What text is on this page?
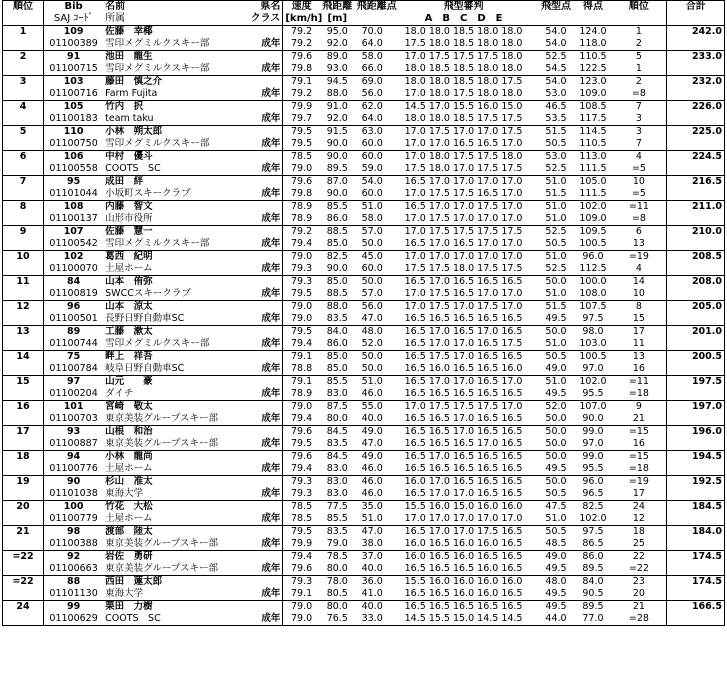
順位	Bib	名前	県名	速度	飛距離	飛距離点	飛型審判	飛型点	得点	順位	合計
	SAJ ｺｰﾄﾞ	所属	クラス	[km/h]	[m]		A　B　C　D　E				
1	109	佐藤　幸椰		79.2	95.0	70.0	18.0 18.0 18.5 18.0 18.0	54.0	124.0	1	242.0
	01100389	雪印メグミルクスキー部	成年	79.2	92.0	64.0	17.5 18.0 18.5 18.0 18.0	54.0	118.0	2	
2	91	池田　龍生		79.6	89.0	58.0	17.0 17.5 17.5 17.5 18.0	52.5	110.5	5	233.0
	01100715	雪印メグミルクスキー部	成年	79.8	93.0	66.0	18.0 18.5 18.5 18.0 18.0	54.5	122.5	1	
3	103	藤田　慎之介		79.1	94.5	69.0	18.0 18.0 18.5 18.0 17.5	54.0	123.0	2	232.0
	01100716	Farm Fujita	成年	79.2	88.0	56.0	17.0 18.0 17.5 18.0 18.0	53.0	109.0	=8	
4	105	竹内　択		79.9	91.0	62.0	14.5 17.0 15.5 16.0 15.0	46.5	108.5	7	226.0
	01100183	team taku	成年	79.7	92.0	64.0	18.0 18.0 18.5 17.5 17.5	53.5	117.5	3	
5	110	小林　朔太郎		79.5	91.5	63.0	17.0 17.5 17.0 17.0 17.5	51.5	114.5	3	225.0
	01100750	雪印メグミルクスキー部	成年	79.5	90.0	60.0	17.0 17.0 16.5 16.5 17.0	50.5	110.5	7	
6	106	中村　優斗		78.5	90.0	60.0	17.0 18.0 17.5 17.5 18.0	53.0	113.0	4	224.5
	01100558	COOTS　SC	成年	79.0	89.5	59.0	17.5 18.0 17.0 17.5 17.5	52.5	111.5	=5	
7	95	成田　絆		79.6	87.0	54.0	16.5 17.0 17.0 17.0 17.0	51.0	105.0	10	216.5
	01101044	小坂町スキークラブ	成年	79.8	90.0	60.0	17.0 17.5 17.5 16.5 17.0	51.5	111.5	=5	
8	108	内藤　智文		78.9	85.5	51.0	16.5 17.0 17.0 17.5 17.0	51.0	102.0	=11	211.0
	01100137	山形市役所	成年	78.9	86.0	58.0	17.0 17.5 17.0 17.0 17.0	51.0	109.0	=8	
9	107	佐藤　慧一		79.2	88.5	57.0	17.0 17.5 17.5 17.5 17.5	52.5	109.5	6	210.0
	01100542	雪印メグミルクスキー部	成年	79.4	85.0	50.0	16.5 17.0 16.5 17.0 17.0	50.5	100.5	13	
10	102	葛西　紀明		79.0	82.5	45.0	17.0 17.0 17.0 17.0 17.0	51.0	96.0	=19	208.5
	01100070	土屋ホーム	成年	79.3	90.0	60.0	17.5 17.5 18.0 17.5 17.5	52.5	112.5	4	
11	84	山本　侑弥		79.3	85.0	50.0	16.5 17.0 16.5 16.5 16.5	50.0	100.0	14	208.0
	01100819	SWCCスキークラブ	成年	79.5	88.5	57.0	17.0 17.5 16.5 17.0 17.0	51.0	108.0	10	
12	96	山本　涼太		79.0	88.0	56.0	17.0 17.5 17.0 17.5 17.0	51.5	107.5	8	205.0
	01100501	長野日野自動車SC	成年	79.0	83.5	47.0	16.5 16.5 16.5 16.5 16.5	49.5	97.5	15	
13	89	工藤　漱太		79.5	84.0	48.0	16.5 17.0 16.5 17.0 16.5	50.0	98.0	17	201.0
	01100744	雪印メグミルクスキー部	成年	79.4	86.0	52.0	16.5 17.0 17.0 16.5 17.5	51.0	103.0	11	
14	75	畔上　祥吾		79.1	85.0	50.0	16.5 17.5 17.0 16.5 16.5	50.5	100.5	13	200.5
	01100784	岐阜日野自動車SC	成年	78.8	85.0	50.0	16.5 16.0 16.5 16.5 16.0	49.0	97.0	16	
15	97	山元　　豪		79.1	85.5	51.0	16.5 17.0 17.0 16.5 17.0	51.0	102.0	=11	197.5
	01100204	ダイチ	成年	78.9	83.0	46.0	16.5 16.5 16.5 16.5 16.5	49.5	95.5	=18	
16	101	宮崎　敬太		79.0	87.5	55.0	17.0 17.5 17.5 17.5 17.0	52.0	107.0	9	197.0
	01100703	東京美装グループスキー部	成年	79.4	80.0	40.0	16.5 16.5 17.0 16.5 16.5	50.0	90.0	21	
17	93	山根　和治		79.6	84.5	49.0	16.5 16.5 17.0 16.5 16.5	50.0	99.0	=15	196.0
	01100887	東京美装グループスキー部	成年	79.5	83.5	47.0	16.5 16.5 16.5 17.0 16.5	50.0	97.0	16	
18	94	小林　龍尚		79.6	84.5	49.0	16.5 17.0 16.5 16.5 16.5	50.0	99.0	=15	194.5
	01100776	土屋ホーム	成年	79.4	83.0	46.0	16.5 16.5 16.5 16.5 16.5	49.5	95.5	=18	
19	90	杉山　准太		79.3	83.0	46.0	16.0 17.0 16.5 16.5 16.5	50.0	96.0	=19	192.5
	01101038	東海大学	成年	79.3	83.0	46.0	16.5 17.0 17.0 16.5 16.5	50.5	96.5	17	
20	100	竹花　大松		78.5	77.5	35.0	15.5 16.0 15.0 16.0 16.0	47.5	82.5	24	184.5
	01100779	土屋ホーム	成年	78.5	85.5	51.0	17.0 17.0 17.0 17.0 17.0	51.0	102.0	12	
21	98	渡部　陸太		79.5	83.5	47.0	16.5 17.0 17.0 17.5 16.5	50.5	97.5	18	184.0
	01100388	東京美装グループスキー部	成年	79.9	79.0	38.0	16.0 16.5 16.0 16.0 16.5	48.5	86.5	25	
=22	92	岩佐　勇研		79.4	78.5	37.0	16.0 16.5 16.0 16.5 16.5	49.0	86.0	22	174.5
	01100663	東京美装グループスキー部	成年	79.6	80.0	40.0	16.5 16.5 16.5 16.0 16.5	49.5	89.5	=22	
=22	88	西田　蓮太郎		79.3	78.0	36.0	15.5 16.0 16.0 16.0 16.0	48.0	84.0	23	174.5
	01101130	東海大学	成年	79.1	80.5	41.0	16.5 16.5 16.0 16.0 16.5	49.5	90.5	20	
24	99	栗田　力樹		79.0	80.0	40.0	16.5 16.5 16.5 16.5 16.5	49.5	89.5	21	166.5
	01100629	COOTS　SC	成年	79.0	76.5	33.0	14.5 15.5 15.0 14.5 14.5	44.0	77.0	=28	
